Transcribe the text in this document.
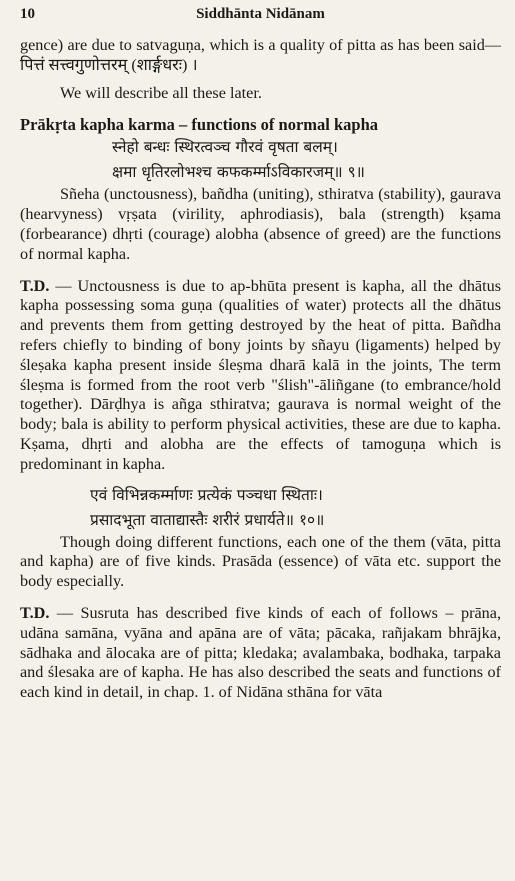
10	Siddhānta Nidānam

gence) are due to satvaguṇa, which is a quality of pitta as has been said— पित्तं सत्त्वगुणोत्तरम् (शार्ङ्गधरः) ।

We will describe all these later.

Prākṛta kapha karma – functions of normal kapha

स्नेहो बन्धः स्थिरत्वञ्च गौरवं वृषता बलम्।
क्षमा धृतिरलोभश्च कफकर्म्माऽविकारजम्॥ ९॥

Sñeha (unctousness), bañdha (uniting), sthiratva (stability), gaurava (hearvyness) vṛṣata (virility, aphrodiasis), bala (strength) kṣama (forbearance) dhṛti (courage) alobha (absence of greed) are the functions of normal kapha.

T.D. — Unctousness is due to ap-bhūta present is kapha, all the dhātus kapha possessing soma guṇa (qualities of water) protects all the dhātus and prevents them from getting destroyed by the heat of pitta. Bañdha refers chiefly to binding of bony joints by sñayu (ligaments) helped by śleṣaka kapha present inside śleṣma dharā kalā in the joints, The term śleṣma is formed from the root verb "ślish"-āliñgane (to embrance/hold together). Dārḍhya is añga sthiratva; gaurava is normal weight of the body; bala is ability to perform physical activities, these are due to kapha. Kṣama, dhṛti and alobha are the effects of tamoguṇa which is predominant in kapha.

एवं विभिन्नकर्म्माणः प्रत्येकं पञ्चधा स्थिताः।
प्रसादभूता वाताद्यास्तैः शरीरं प्रधार्यते॥ १०॥

Though doing different functions, each one of the them (vāta, pitta and kapha) are of five kinds. Prasāda (essence) of vāta etc. support the body especially.

T.D. — Susruta has described five kinds of each of follows – prāna, udāna samāna, vyāna and apāna are of vāta; pācaka, rañjakam bhrājka, sādhaka and ālocaka are of pitta; kledaka; avalambaka, bodhaka, tarpaka and ślesaka are of kapha. He has also described the seats and functions of each kind in detail, in chap. 1. of Nidāna sthāna for vāta
